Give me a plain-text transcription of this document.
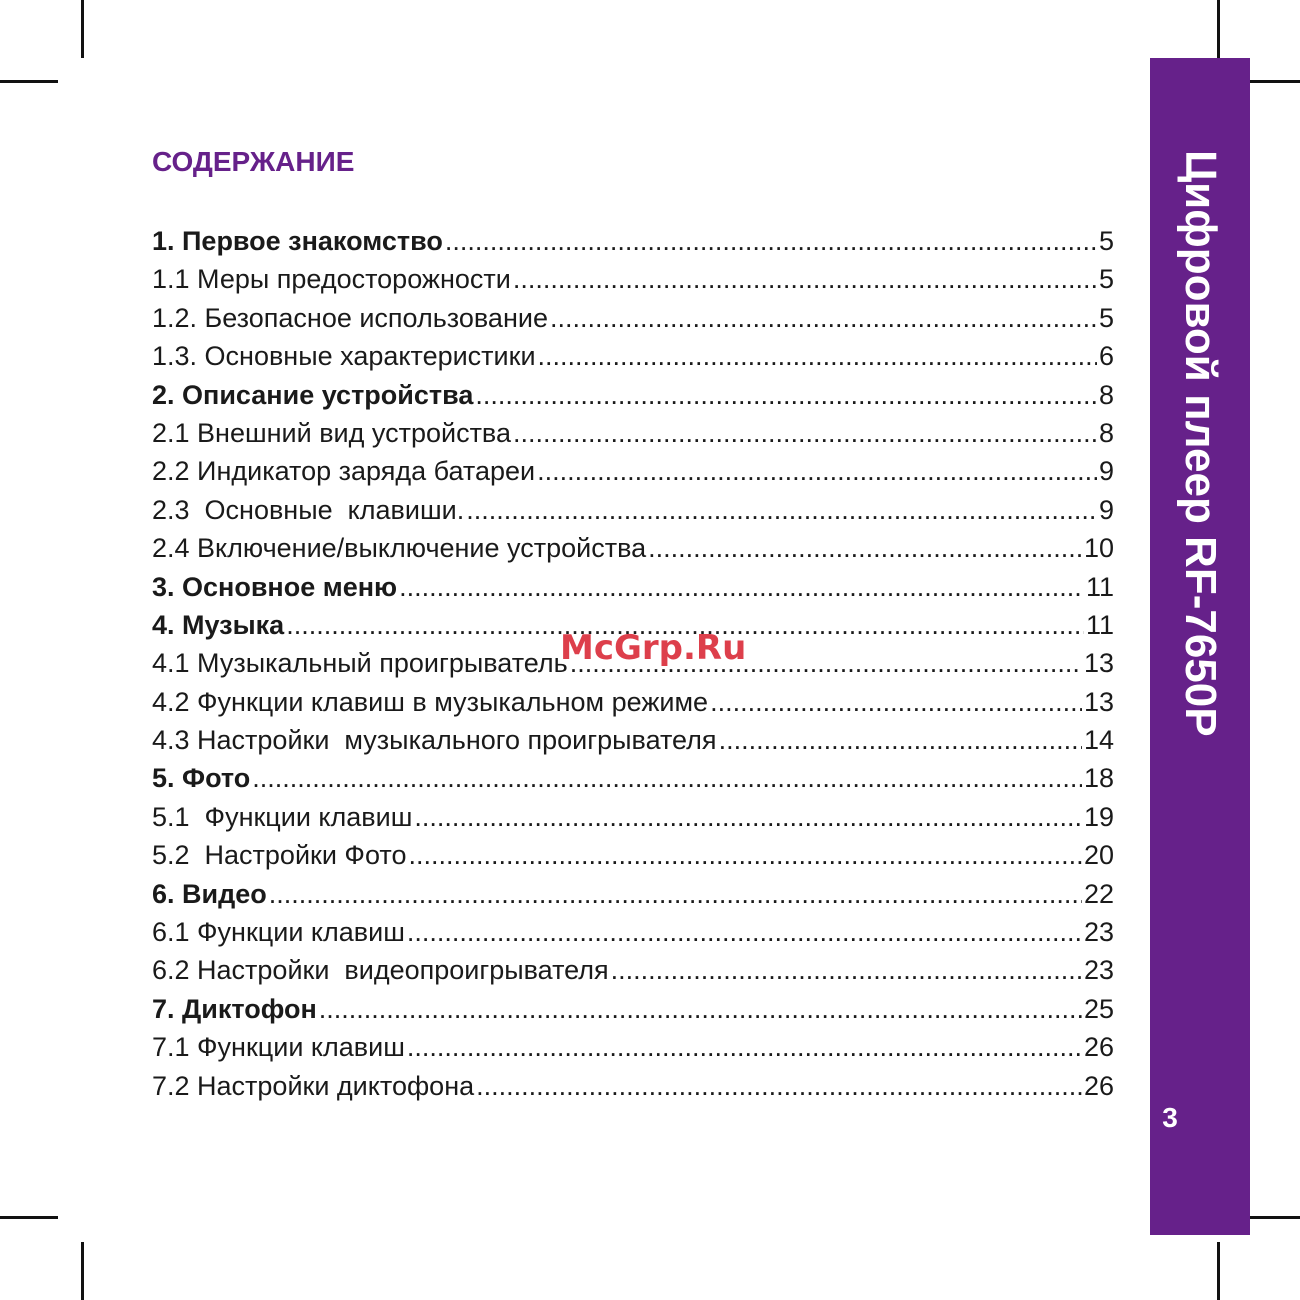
Цифровой плеер RF-7650P
3
СОДЕРЖАНИЕ
1. Первое знакомство .....	5
1.1 Меры предосторожности .....	5
1.2. Безопасное использование .....	5
1.3. Основные характеристики .....	6
2. Описание устройства .....	8
2.1 Внешний вид устройства .....	8
2.2 Индикатор заряда батареи .....	9
2.3  Основные  клавиши. .....	9
2.4 Включение/выключение устройства .....	10
3. Основное меню .....	11
4. Музыка .....	11
4.1 Музыкальный проигрыватель .....	13
4.2 Функции клавиш в музыкальном режиме .....	13
4.3 Настройки  музыкального проигрывателя .....	14
5. Фото .....	18
5.1  Функции клавиш .....	19
5.2  Настройки Фото .....	20
6. Видео .....	22
6.1 Функции клавиш .....	23
6.2 Настройки  видеопроигрывателя .....	23
7. Диктофон .....	25
7.1 Функции клавиш .....	26
7.2 Настройки диктофона .....	26
McGrp.Ru
